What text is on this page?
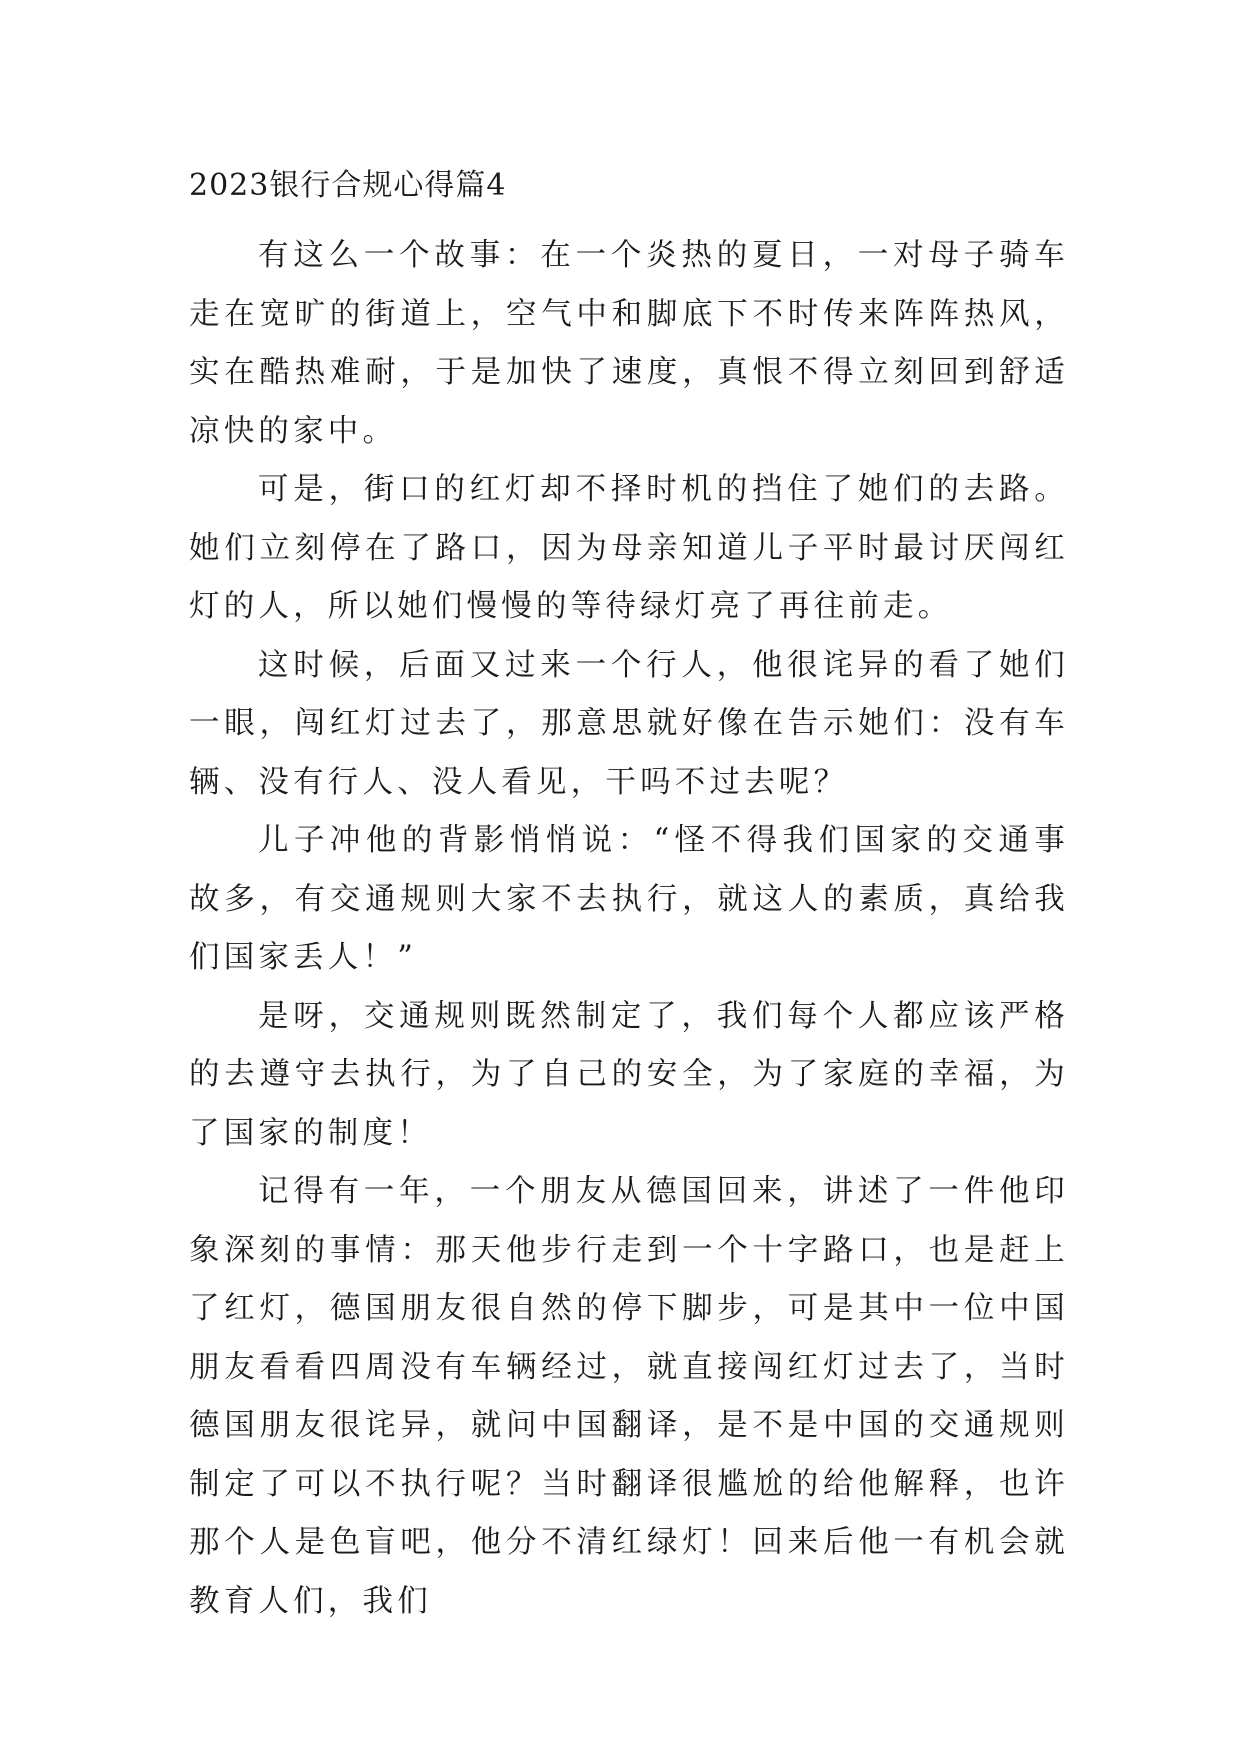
2023银行合规心得篇4

有这么一个故事：在一个炎热的夏日，一对母子骑车走在宽旷的街道上，空气中和脚底下不时传来阵阵热风，实在酷热难耐，于是加快了速度，真恨不得立刻回到舒适凉快的家中。

可是，街口的红灯却不择时机的挡住了她们的去路。她们立刻停在了路口，因为母亲知道儿子平时最讨厌闯红灯的人，所以她们慢慢的等待绿灯亮了再往前走。

这时候，后面又过来一个行人，他很诧异的看了她们一眼，闯红灯过去了，那意思就好像在告示她们：没有车辆、没有行人、没人看见，干吗不过去呢？

儿子冲他的背影悄悄说：“怪不得我们国家的交通事故多，有交通规则大家不去执行，就这人的素质，真给我们国家丢人！”

是呀，交通规则既然制定了，我们每个人都应该严格的去遵守去执行，为了自己的安全，为了家庭的幸福，为了国家的制度！

记得有一年，一个朋友从德国回来，讲述了一件他印象深刻的事情：那天他步行走到一个十字路口，也是赶上了红灯，德国朋友很自然的停下脚步，可是其中一位中国朋友看看四周没有车辆经过，就直接闯红灯过去了，当时德国朋友很诧异，就问中国翻译，是不是中国的交通规则制定了可以不执行呢？当时翻译很尴尬的给他解释，也许那个人是色盲吧，他分不清红绿灯！回来后他一有机会就教育人们，我们
